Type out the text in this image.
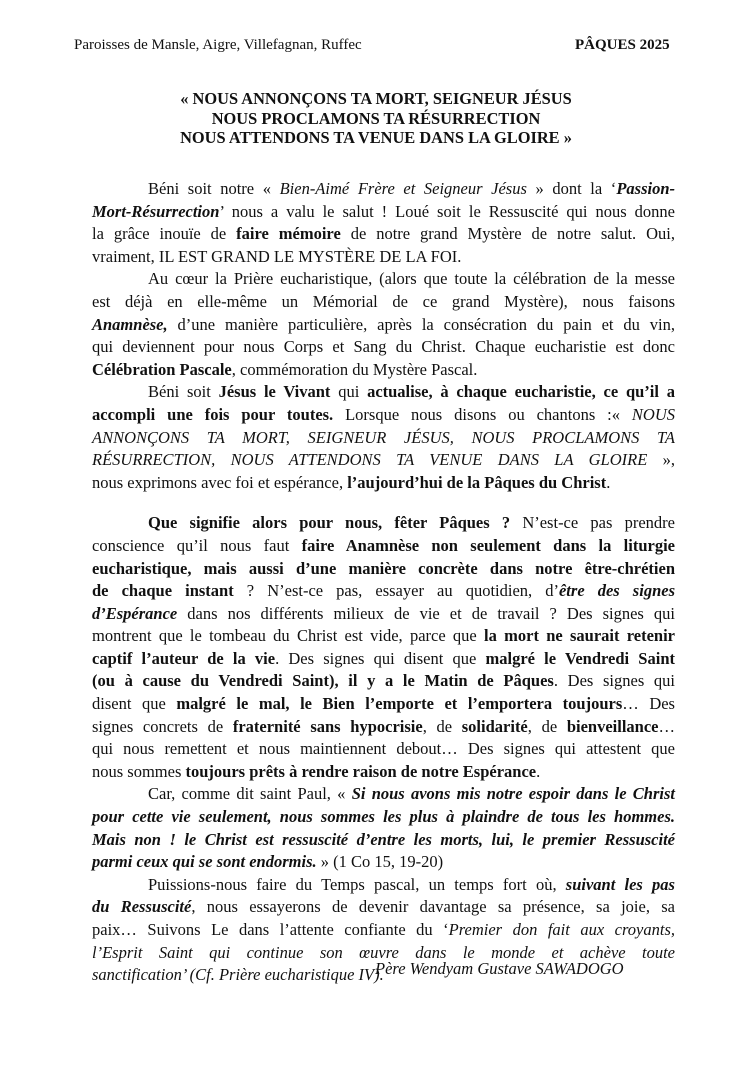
Paroisses de Mansle, Aigre, Villefagnan, Ruffec	PÂQUES 2025
« NOUS ANNONÇONS TA MORT, SEIGNEUR JÉSUS
NOUS PROCLAMONS TA RÉSURRECTION
NOUS ATTENDONS TA VENUE DANS LA GLOIRE »
Béni soit notre « Bien-Aimé Frère et Seigneur Jésus » dont la ‘Passion-
Mort-Résurrection’ nous a valu le salut ! Loué soit le Ressuscité qui nous donne
la grâce inouïe de faire mémoire de notre grand Mystère de notre salut. Oui,
vraiment, IL EST GRAND LE MYSTÈRE DE LA FOI.
Au cœur la Prière eucharistique, (alors que toute la célébration de la messe
est déjà en elle-même un Mémorial de ce grand Mystère), nous faisons
Anamnèse, d’une manière particulière, après la consécration du pain et du vin,
qui deviennent pour nous Corps et Sang du Christ. Chaque eucharistie est donc
Célébration Pascale, commémoration du Mystère Pascal.
Béni soit Jésus le Vivant qui actualise, à chaque eucharistie, ce qu’il a
accompli une fois pour toutes. Lorsque nous disons ou chantons :« NOUS
ANNONÇONS TA MORT, SEIGNEUR JÉSUS, NOUS PROCLAMONS TA
RÉSURRECTION, NOUS ATTENDONS TA VENUE DANS LA GLOIRE »,
nous exprimons avec foi et espérance, l’aujourd’hui de la Pâques du Christ.
Que signifie alors pour nous, fêter Pâques ? N’est-ce pas prendre
conscience qu’il nous faut faire Anamnèse non seulement dans la liturgie
eucharistique, mais aussi d’une manière concrète dans notre être-chrétien
de chaque instant ? N’est-ce pas, essayer au quotidien, d’être des signes
d’Espérance dans nos différents milieux de vie et de travail ? Des signes qui
montrent que le tombeau du Christ est vide, parce que la mort ne saurait retenir
captif l’auteur de la vie. Des signes qui disent que malgré le Vendredi Saint
(ou à cause du Vendredi Saint), il y a le Matin de Pâques. Des signes qui
disent que malgré le mal, le Bien l’emporte et l’emportera toujours… Des
signes concrets de fraternité sans hypocrisie, de solidarité, de bienveillance…
qui nous remettent et nous maintiennent debout… Des signes qui attestent que
nous sommes toujours prêts à rendre raison de notre Espérance.
Car, comme dit saint Paul, « Si nous avons mis notre espoir dans le Christ
pour cette vie seulement, nous sommes les plus à plaindre de tous les hommes.
Mais non ! le Christ est ressuscité d’entre les morts, lui, le premier Ressuscité
parmi ceux qui se sont endormis. » (1 Co 15, 19-20)
Puissions-nous faire du Temps pascal, un temps fort où, suivant les pas
du Ressuscité, nous essayerons de devenir davantage sa présence, sa joie, sa
paix… Suivons Le dans l’attente confiante du ‘Premier don fait aux croyants,
l’Esprit Saint qui continue son œuvre dans le monde et achève toute
sanctification’ (Cf. Prière eucharistique IV).
Père Wendyam Gustave SAWADOGO
